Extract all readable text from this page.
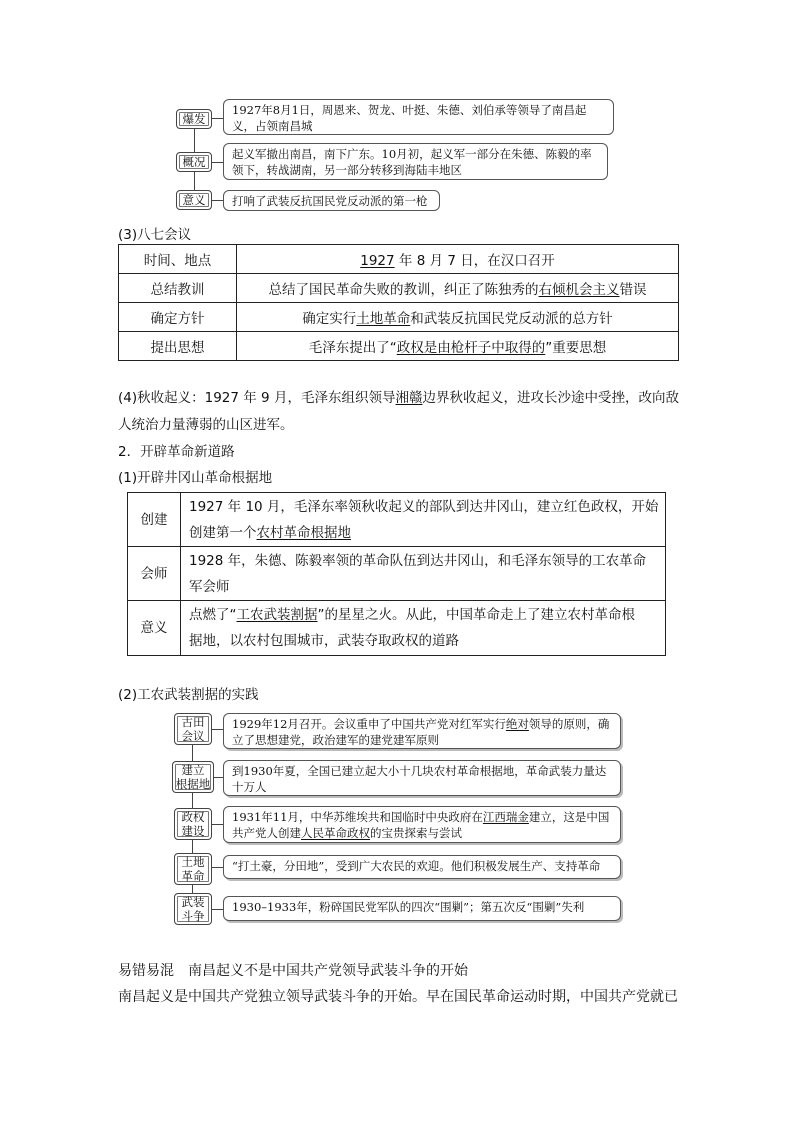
爆发
1927年8月1日，周恩来、贺龙、叶挺、朱德、刘伯承等领导了南昌起义，占领南昌城
概况
起义军撤出南昌，南下广东。10月初，起义军一部分在朱德、陈毅的率领下，转战湖南，另一部分转移到海陆丰地区
意义	打响了武装反抗国民党反动派的第一枪
(3)八七会议
时间、地点	1927 年 8 月 7 日，在汉口召开
总结教训	总结了国民革命失败的教训，纠正了陈独秀的右倾机会主义错误
确定方针	确定实行土地革命和武装反抗国民党反动派的总方针
提出思想	毛泽东提出了“政权是由枪杆子中取得的”重要思想
(4)秋收起义：1927 年 9 月，毛泽东组织领导湘赣边界秋收起义，进攻长沙途中受挫，改向敌
人统治力量薄弱的山区进军。
2．开辟革命新道路
(1)开辟井冈山革命根据地
创建	1927 年 10 月，毛泽东率领秋收起义的部队到达井冈山，建立红色政权，开始
创建第一个农村革命根据地

会师	1928 年，朱德、陈毅率领的革命队伍到达井冈山，和毛泽东领导的工农革命
军会师

意义	点燃了“工农武装割据”的星星之火。从此，中国革命走上了建立农村革命根
据地，以农村包围城市，武装夺取政权的道路
(2)工农武装割据的实践
古田
会议
1929年12月召开。会议重申了中国共产党对红军实行绝对领导的原则，确立了思想建党，政治建军的建党建军原则
建立
根据地
到1930年夏，全国已建立起大小十几块农村革命根据地，革命武装力量达十万人
政权
建设
1931年11月，中华苏维埃共和国临时中央政府在江西瑞金建立，这是中国共产党人创建人民革命政权的宝贵探索与尝试
土地
革命
“打土豪，分田地”，受到广大农民的欢迎。他们积极发展生产、支持革命
武装
斗争
1930–1933年，粉碎国民党军队的四次“围剿”；第五次反“围剿”失利
易错易混　南昌起义不是中国共产党领导武装斗争的开始
南昌起义是中国共产党独立领导武装斗争的开始。早在国民革命运动时期，中国共产党就已
